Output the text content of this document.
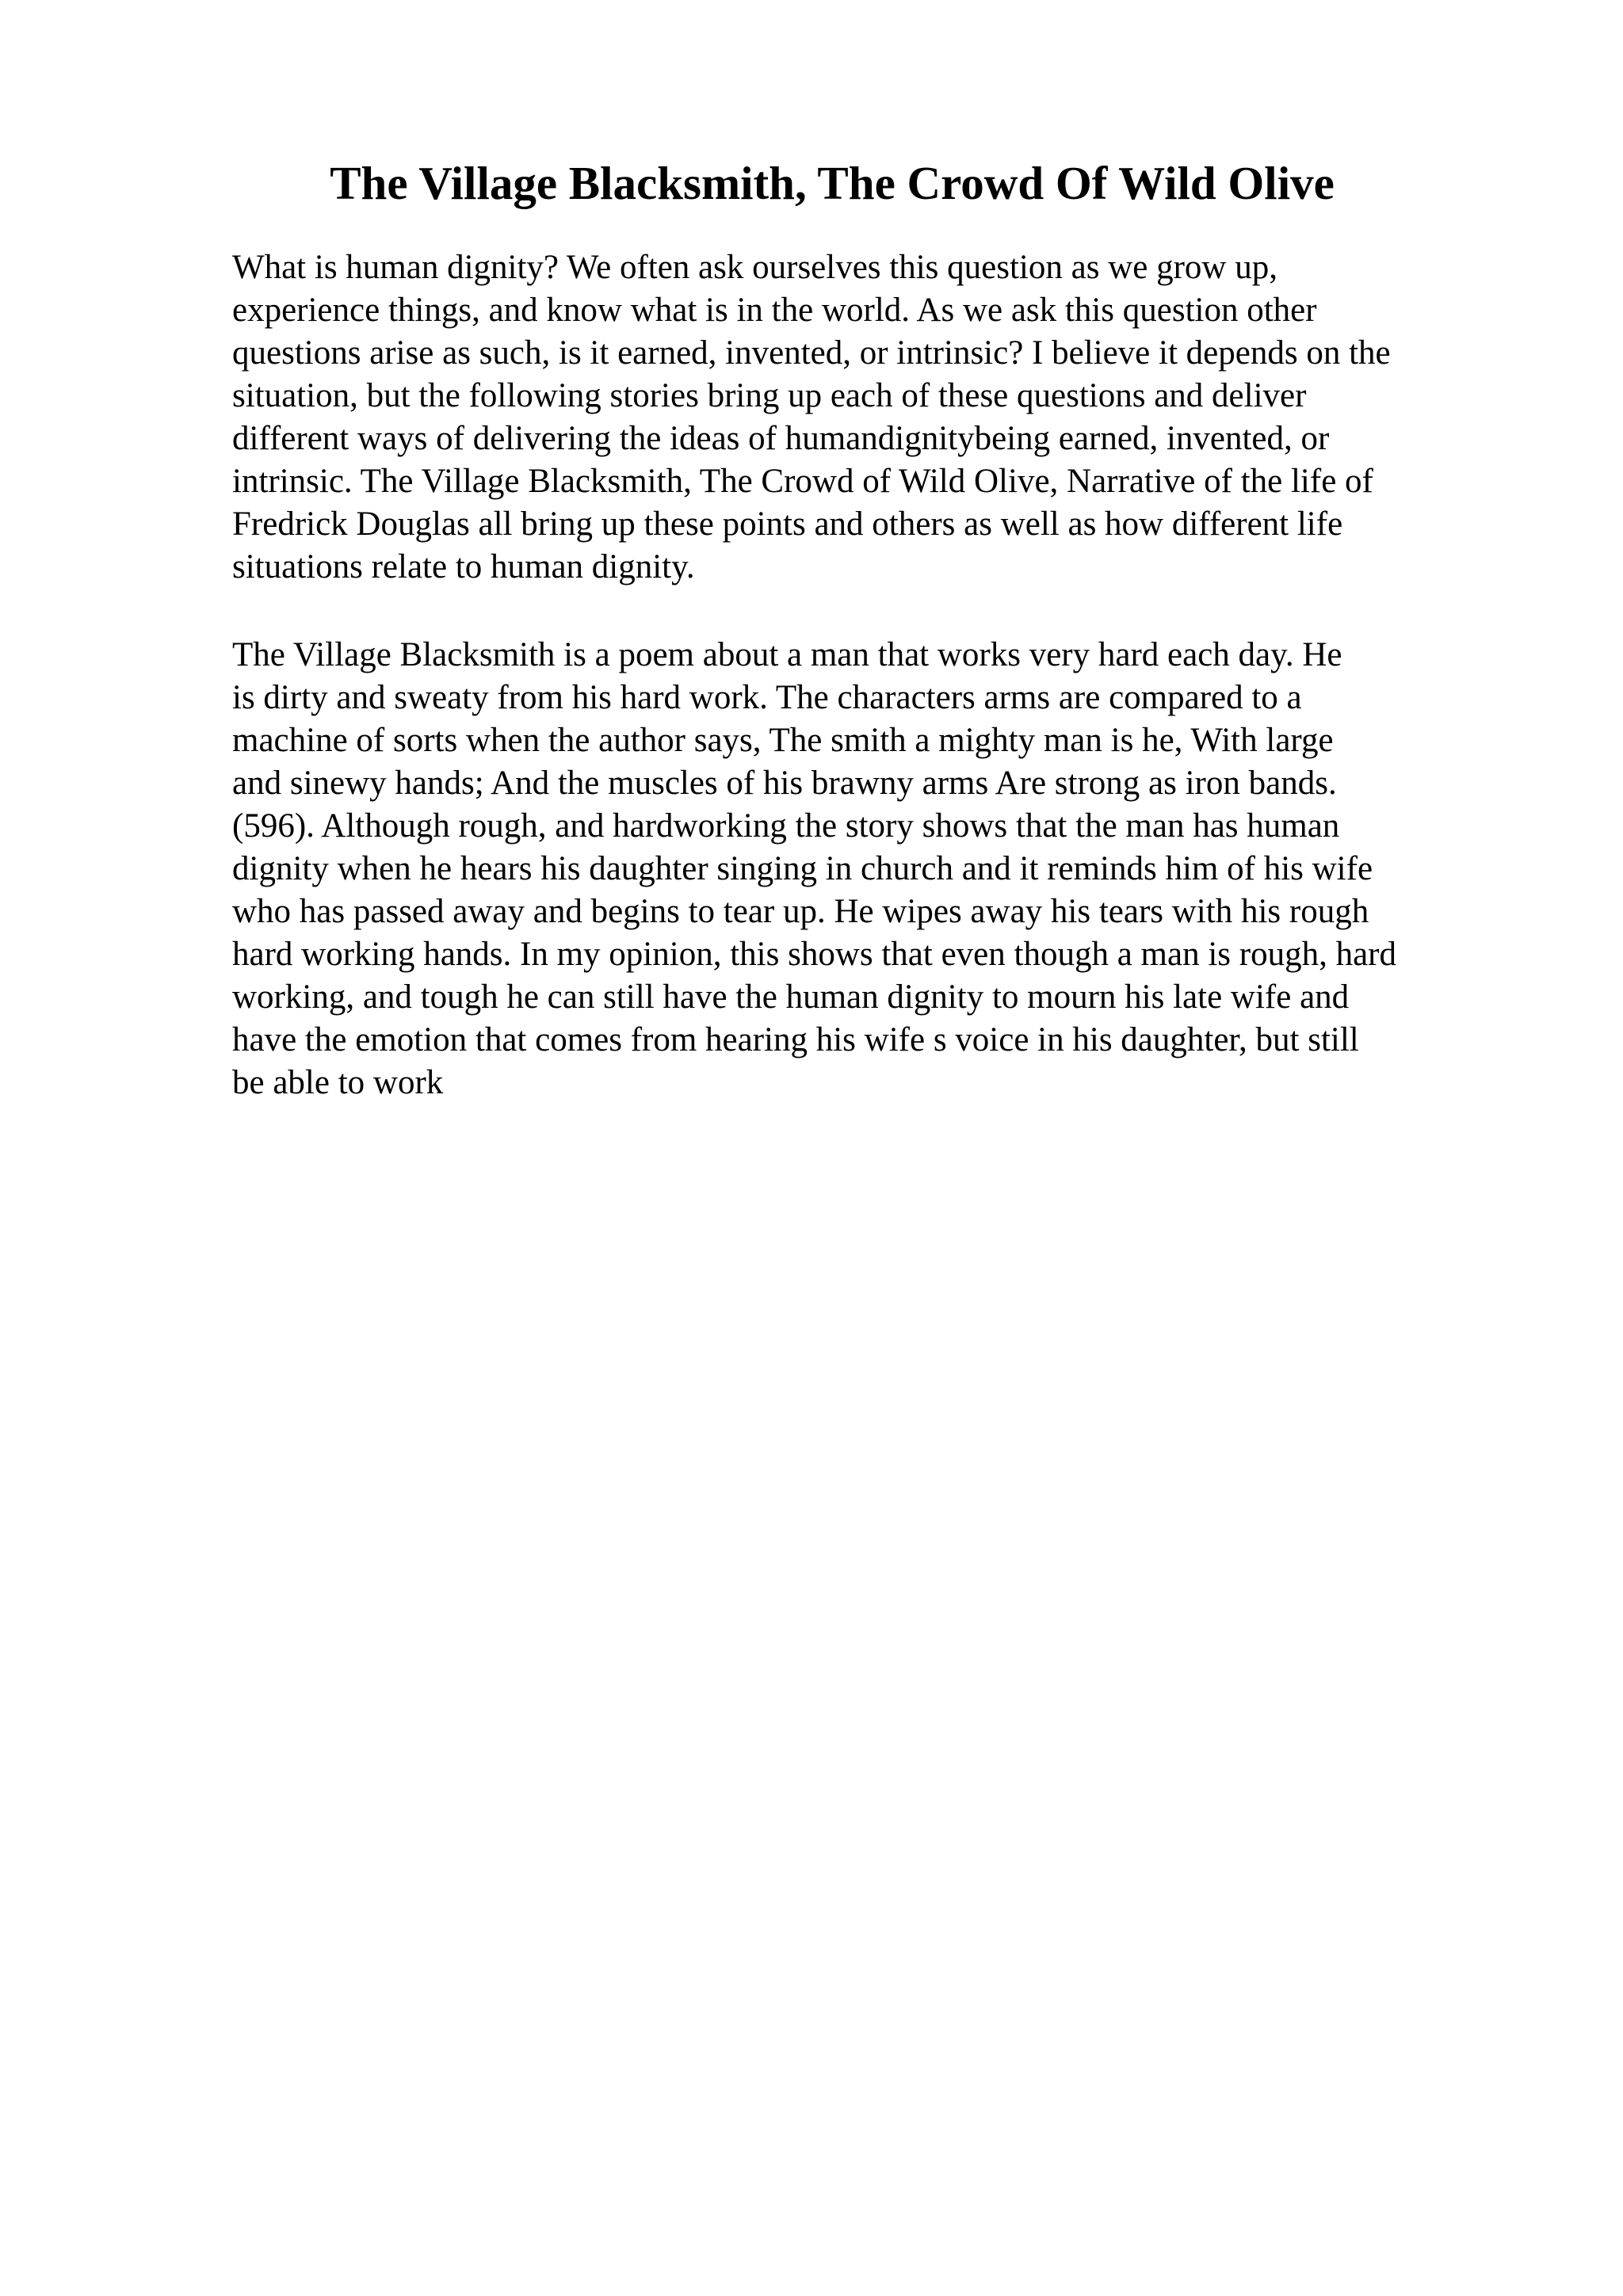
The Village Blacksmith, The Crowd Of Wild Olive

What is human dignity? We often ask ourselves this question as we grow up,
experience things, and know what is in the world. As we ask this question other
questions arise as such, is it earned, invented, or intrinsic? I believe it depends on the
situation, but the following stories bring up each of these questions and deliver
different ways of delivering the ideas of humandignitybeing earned, invented, or
intrinsic. The Village Blacksmith, The Crowd of Wild Olive, Narrative of the life of
Fredrick Douglas all bring up these points and others as well as how different life
situations relate to human dignity.

The Village Blacksmith is a poem about a man that works very hard each day. He
is dirty and sweaty from his hard work. The characters arms are compared to a
machine of sorts when the author says, The smith a mighty man is he, With large
and sinewy hands; And the muscles of his brawny arms Are strong as iron bands.
(596). Although rough, and hardworking the story shows that the man has human
dignity when he hears his daughter singing in church and it reminds him of his wife
who has passed away and begins to tear up. He wipes away his tears with his rough
hard working hands. In my opinion, this shows that even though a man is rough, hard
working, and tough he can still have the human dignity to mourn his late wife and
have the emotion that comes from hearing his wife s voice in his daughter, but still
be able to work
